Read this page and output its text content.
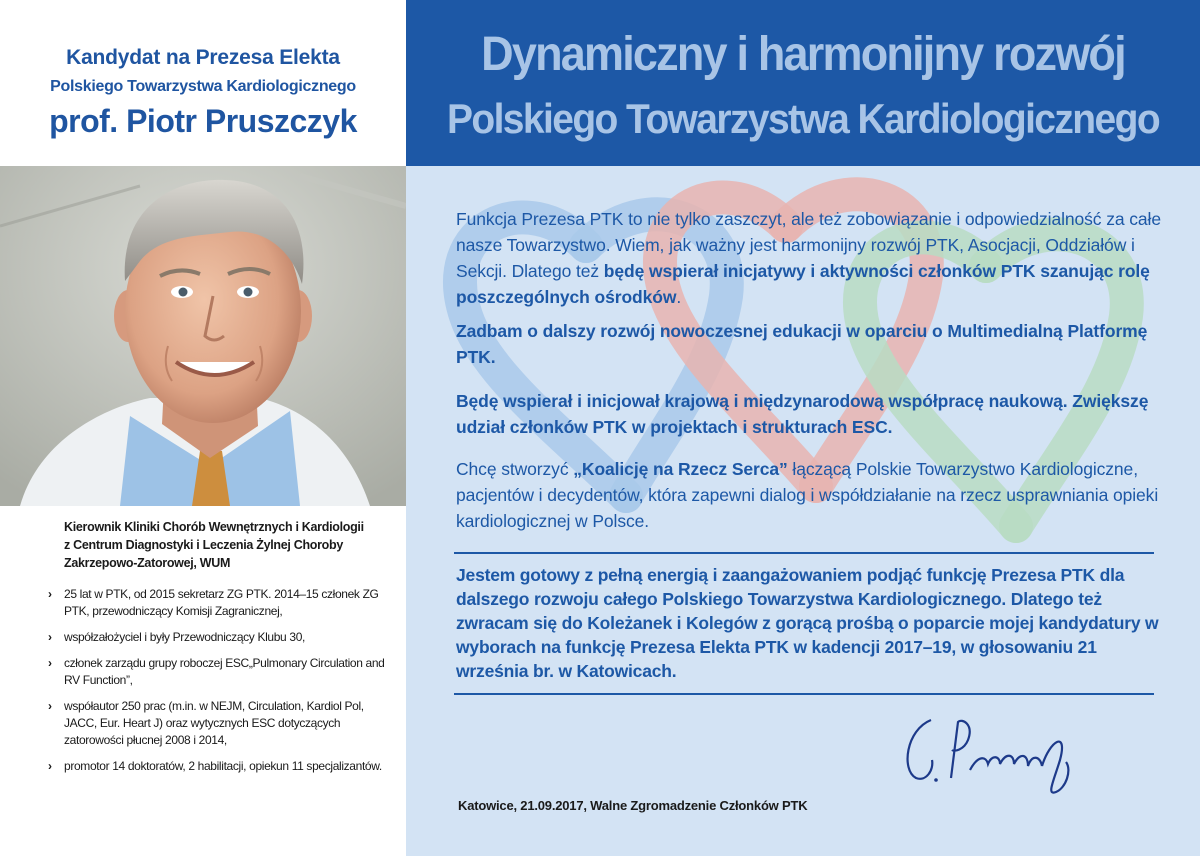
Kandydat na Prezesa Elekta
Polskiego Towarzystwa Kardiologicznego
prof. Piotr Pruszczyk
Kierownik Kliniki Chorób Wewnętrznych i Kardiologii
z Centrum Diagnostyki i Leczenia Żylnej Choroby
Zakrzepowo-Zatorowej, WUM
› 25 lat w PTK, od 2015 sekretarz ZG PTK. 2014–15 członek ZG PTK, przewodniczący Komisji Zagranicznej,
› współzałożyciel i były Przewodniczący Klubu 30,
› członek zarządu grupy roboczej ESC„Pulmonary Circulation and RV Function”,
› współautor 250 prac (m.in. w NEJM, Circulation, Kardiol Pol, JACC, Eur. Heart J) oraz wytycznych ESC dotyczących zatorowości płucnej 2008 i 2014,
› promotor 14 doktoratów, 2 habilitacji, opiekun 11 specjalizantów.
Dynamiczny i harmonijny rozwój
Polskiego Towarzystwa Kardiologicznego
Funkcja Prezesa PTK to nie tylko zaszczyt, ale też zobowiązanie i odpowiedzialność za całe nasze Towarzystwo. Wiem, jak ważny jest harmonijny rozwój PTK, Asocjacji, Oddziałów i Sekcji. Dlatego też będę wspierał inicjatywy i aktywności członków PTK szanując rolę poszczególnych ośrodków.
Zadbam o dalszy rozwój nowoczesnej edukacji w oparciu o Multimedialną Platformę PTK.
Będę wspierał i inicjował krajową i międzynarodową współpracę naukową. Zwiększę udział członków PTK w projektach i strukturach ESC.
Chcę stworzyć „Koalicję na Rzecz Serca” łączącą Polskie Towarzystwo Kardiologiczne, pacjentów i decydentów, która zapewni dialog i współdziałanie na rzecz usprawniania opieki kardiologicznej w Polsce.
Jestem gotowy z pełną energią i zaangażowaniem podjąć funkcję Prezesa PTK dla dalszego rozwoju całego Polskiego Towarzystwa Kardiologicznego. Dlatego też zwracam się do Koleżanek i Kolegów z gorącą prośbą o poparcie mojej kandydatury w wyborach na funkcję Prezesa Elekta PTK w kadencji 2017–19, w głosowaniu 21 września br. w Katowicach.
Katowice, 21.09.2017, Walne Zgromadzenie Członków PTK
